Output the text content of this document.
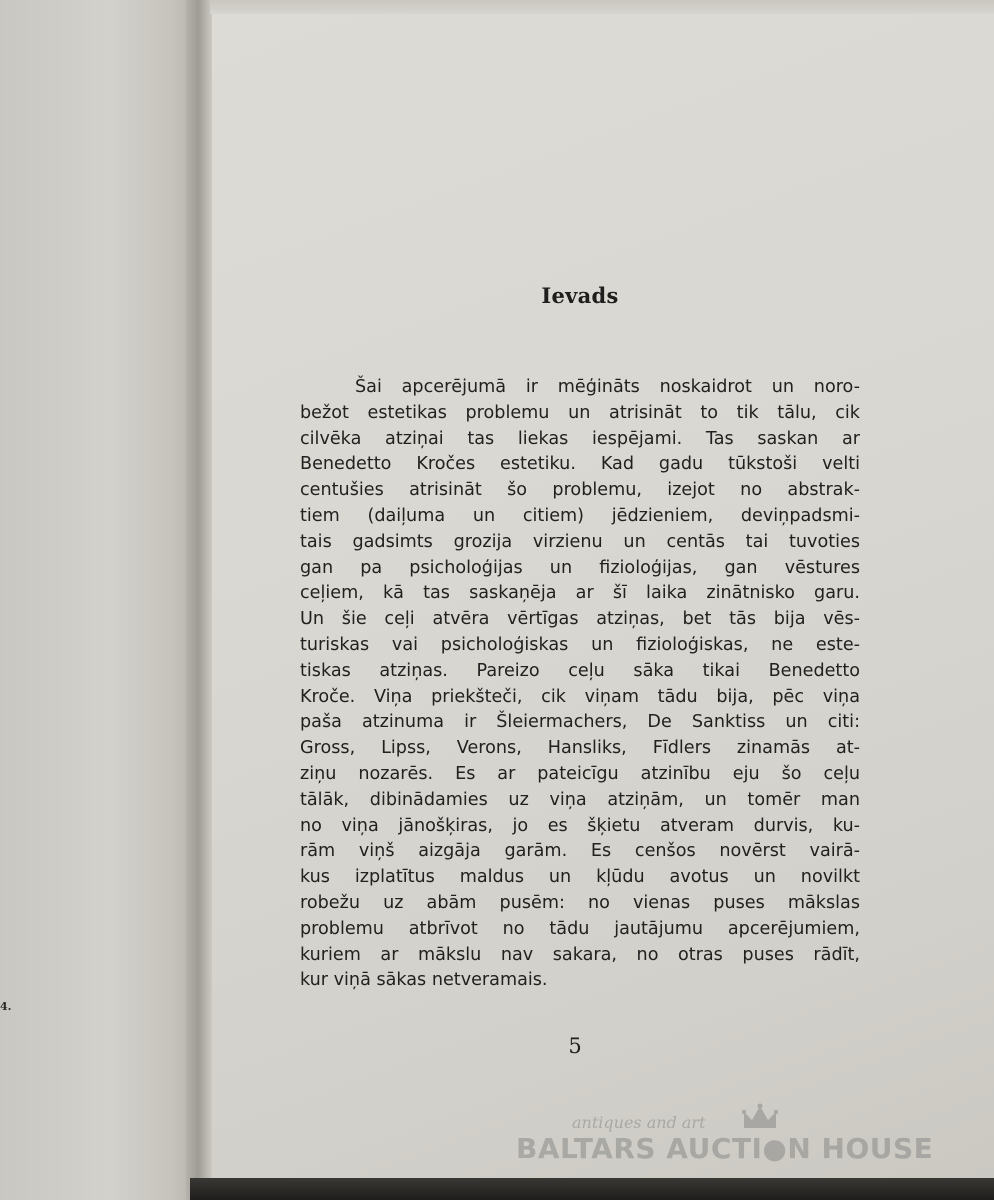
4.
Ievads
Šai apcerējumā ir mēģināts noskaidrot un noro-
bežot estetikas problemu un atrisināt to tik tālu, cik
cilvēka atziņai tas liekas iespējami. Tas saskan ar
Benedetto Kročes estetiku. Kad gadu tūkstoši velti
centušies atrisināt šo problemu, izejot no abstrak-
tiem (daiļuma un citiem) jēdzieniem, deviņpadsmi-
tais gadsimts grozija virzienu un centās tai tuvoties
gan pa psicholoģijas un fizioloģijas, gan vēstures
ceļiem, kā tas saskaņēja ar šī laika zinātnisko garu.
Un šie ceļi atvēra vērtīgas atziņas, bet tās bija vēs-
turiskas vai psicholoģiskas un fizioloģiskas, ne este-
tiskas atziņas. Pareizo ceļu sāka tikai Benedetto
Kroče. Viņa priekšteči, cik viņam tādu bija, pēc viņa
paša atzinuma ir Šleiermachers, De Sanktiss un citi:
Gross, Lipss, Verons, Hansliks, Fīdlers zinamās at-
ziņu nozarēs. Es ar pateicīgu atzinību eju šo ceļu
tālāk, dibinādamies uz viņa atziņām, un tomēr man
no viņa jānošķiras, jo es šķietu atveram durvis, ku-
rām viņš aizgāja garām. Es cenšos novērst vairā-
kus izplatītus maldus un kļūdu avotus un novilkt
robežu uz abām pusēm: no vienas puses mākslas
problemu atbrīvot no tādu jautājumu apcerējumiem,
kuriem ar mākslu nav sakara, no otras puses rādīt,
kur viņā sākas netveramais.
5
antiques and art
BALTARS AUCTI●N HOUSE
